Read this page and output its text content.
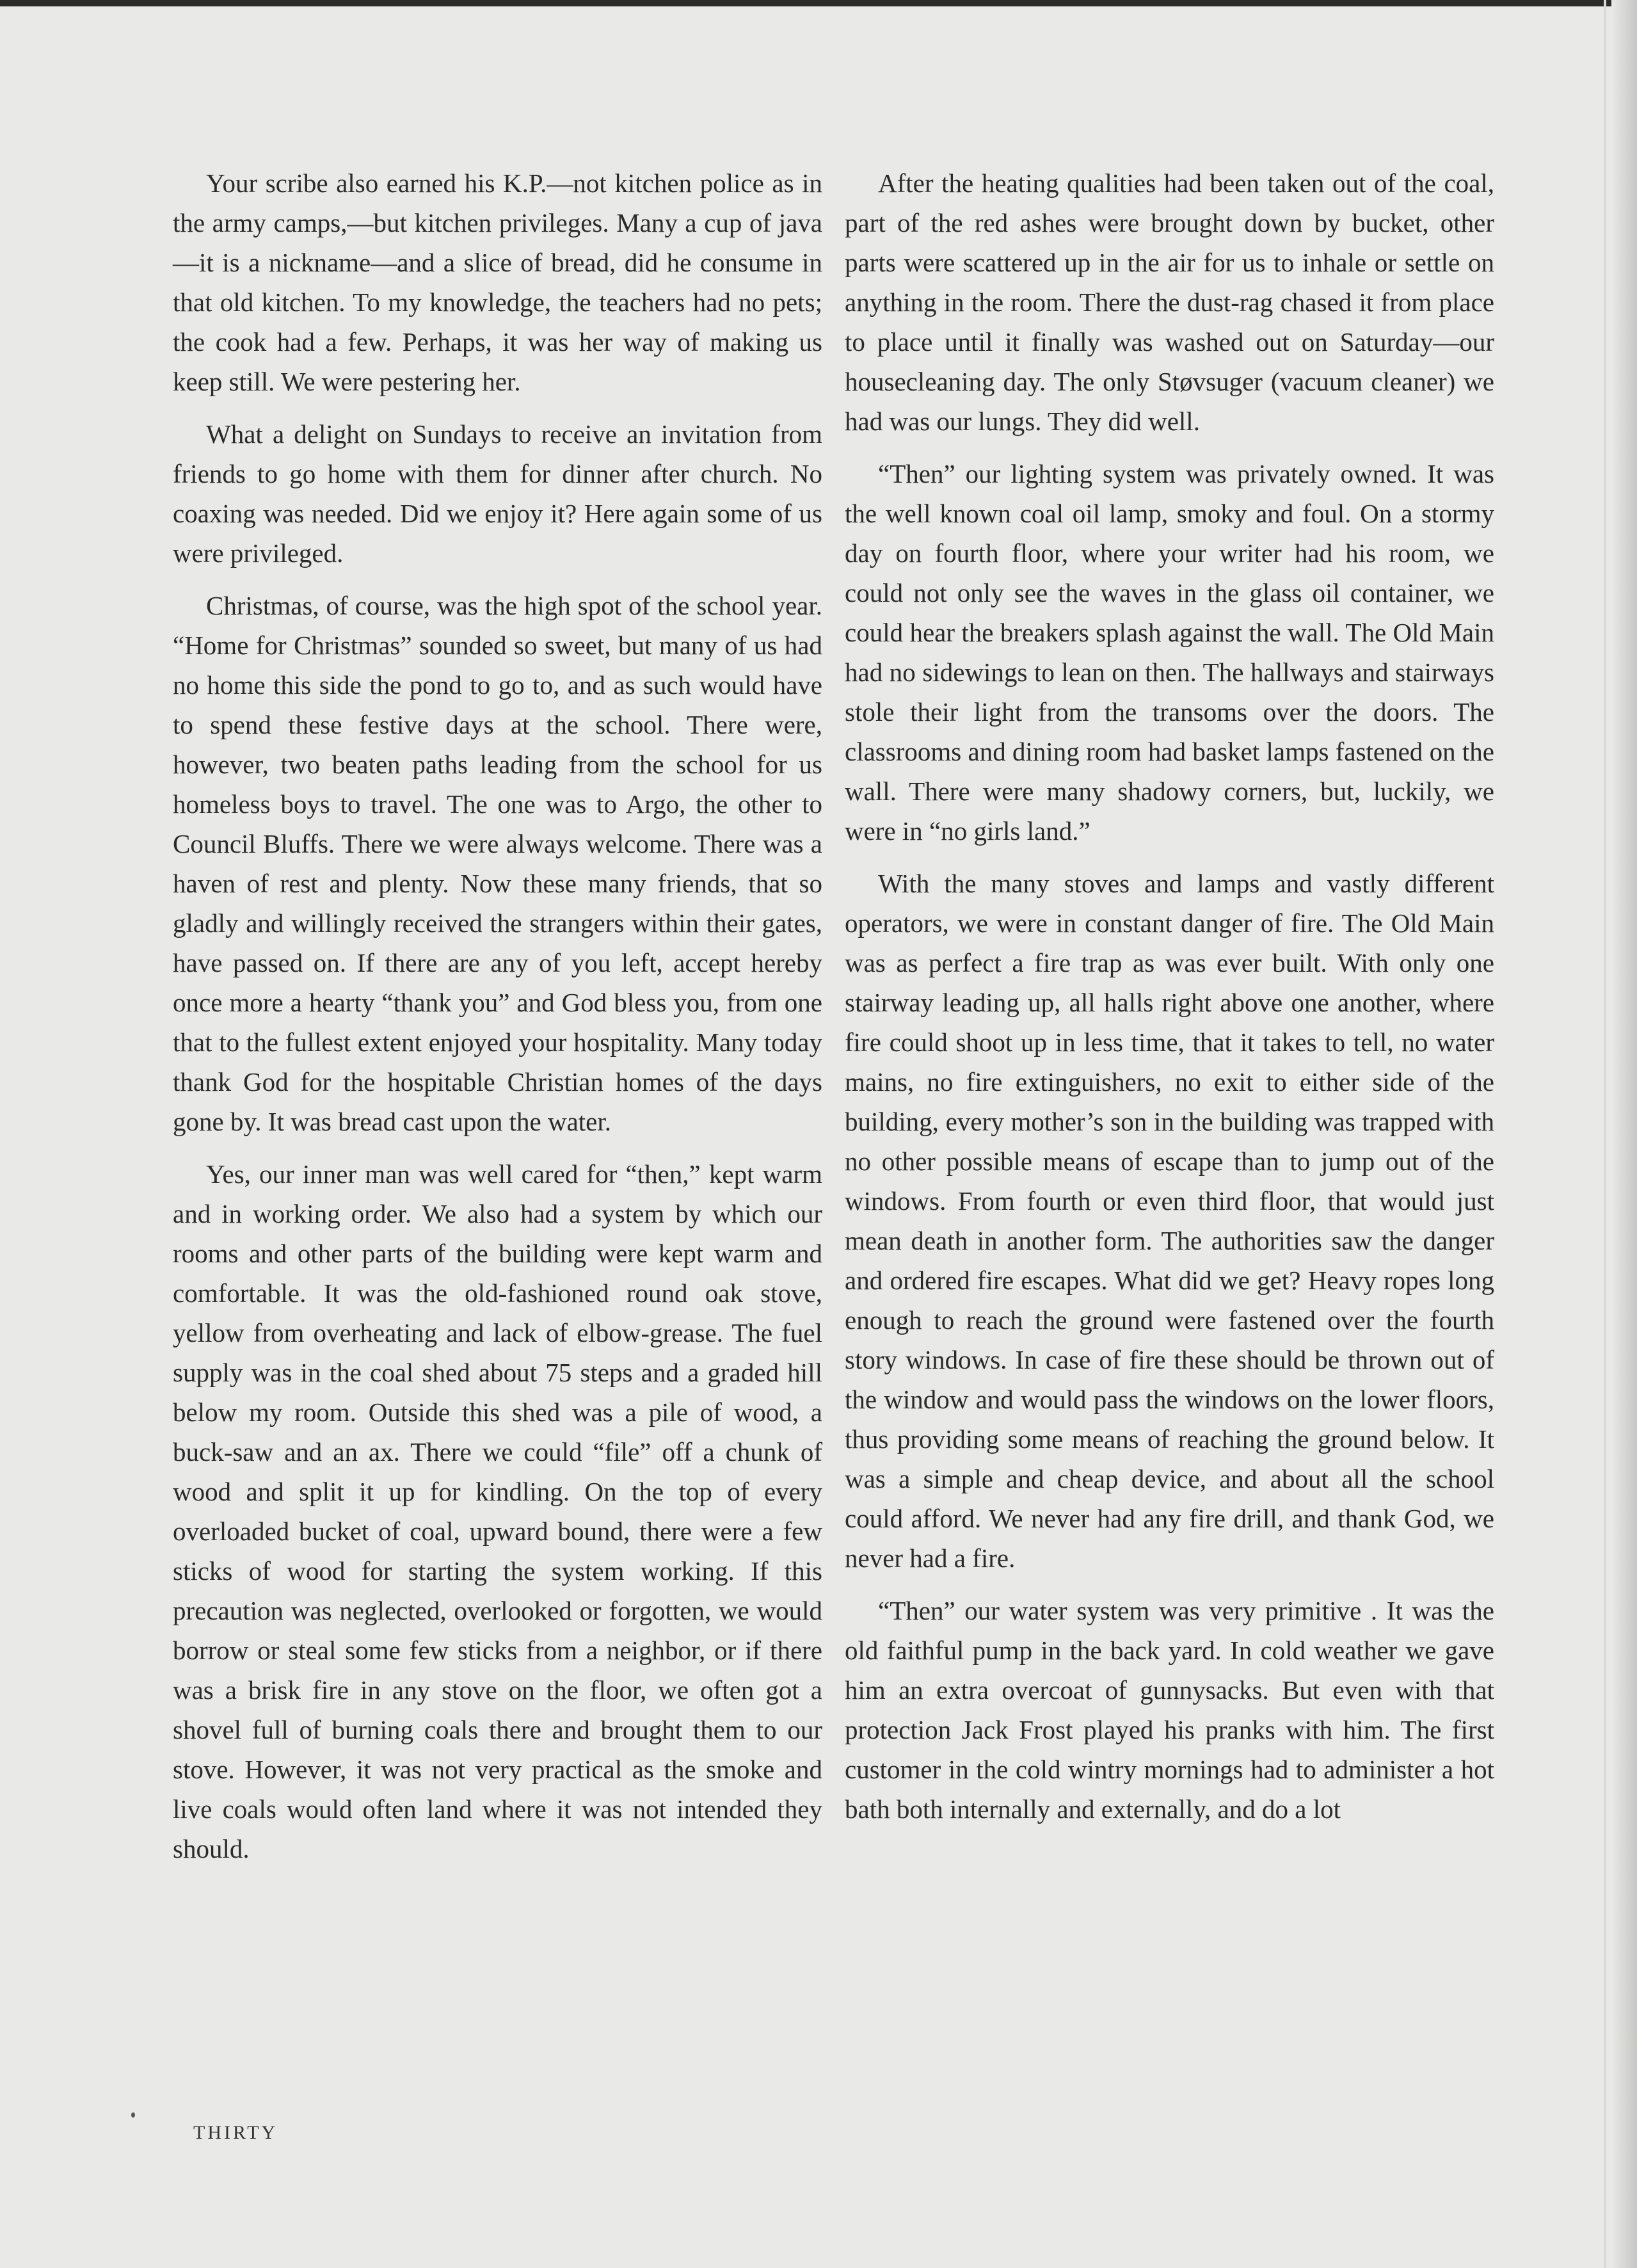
Your scribe also earned his K.P.—not kitchen police as in the army camps,—but kitchen privileges. Many a cup of java—it is a nickname—and a slice of bread, did he consume in that old kitchen. To my knowledge, the teachers had no pets; the cook had a few. Perhaps, it was her way of making us keep still. We were pestering her.

What a delight on Sundays to receive an invitation from friends to go home with them for dinner after church. No coaxing was needed. Did we enjoy it? Here again some of us were privileged.

Christmas, of course, was the high spot of the school year. “Home for Christmas” sounded so sweet, but many of us had no home this side the pond to go to, and as such would have to spend these festive days at the school. There were, however, two beaten paths leading from the school for us homeless boys to travel. The one was to Argo, the other to Council Bluffs. There we were always welcome. There was a haven of rest and plenty. Now these many friends, that so gladly and willingly received the strangers within their gates, have passed on. If there are any of you left, accept hereby once more a hearty “thank you” and God bless you, from one that to the fullest extent enjoyed your hospitality. Many today thank God for the hospitable Christian homes of the days gone by. It was bread cast upon the water.

Yes, our inner man was well cared for “then,” kept warm and in working order. We also had a system by which our rooms and other parts of the building were kept warm and comfortable. It was the old-fashioned round oak stove, yellow from overheating and lack of elbow-grease. The fuel supply was in the coal shed about 75 steps and a graded hill below my room. Outside this shed was a pile of wood, a buck-saw and an ax. There we could “file” off a chunk of wood and split it up for kindling. On the top of every overloaded bucket of coal, upward bound, there were a few sticks of wood for starting the system working. If this precaution was neglected, overlooked or forgotten, we would borrow or steal some few sticks from a neighbor, or if there was a brisk fire in any stove on the floor, we often got a shovel full of burning coals there and brought them to our stove. However, it was not very practical as the smoke and live coals would often land where it was not intended they should.

After the heating qualities had been taken out of the coal, part of the red ashes were brought down by bucket, other parts were scattered up in the air for us to inhale or settle on anything in the room. There the dust-rag chased it from place to place until it finally was washed out on Saturday—our housecleaning day. The only Støvsuger (vacuum cleaner) we had was our lungs. They did well.

“Then” our lighting system was privately owned. It was the well known coal oil lamp, smoky and foul. On a stormy day on fourth floor, where your writer had his room, we could not only see the waves in the glass oil container, we could hear the breakers splash against the wall. The Old Main had no sidewings to lean on then. The hallways and stairways stole their light from the transoms over the doors. The classrooms and dining room had basket lamps fastened on the wall. There were many shadowy corners, but, luckily, we were in “no girls land.”

With the many stoves and lamps and vastly different operators, we were in constant danger of fire. The Old Main was as perfect a fire trap as was ever built. With only one stairway leading up, all halls right above one another, where fire could shoot up in less time, that it takes to tell, no water mains, no fire extinguishers, no exit to either side of the building, every mother’s son in the building was trapped with no other possible means of escape than to jump out of the windows. From fourth or even third floor, that would just mean death in another form. The authorities saw the danger and ordered fire escapes. What did we get? Heavy ropes long enough to reach the ground were fastened over the fourth story windows. In case of fire these should be thrown out of the window and would pass the windows on the lower floors, thus providing some means of reaching the ground below. It was a simple and cheap device, and about all the school could afford. We never had any fire drill, and thank God, we never had a fire.

“Then” our water system was very primitive . It was the old faithful pump in the back yard. In cold weather we gave him an extra overcoat of gunnysacks. But even with that protection Jack Frost played his pranks with him. The first customer in the cold wintry mornings had to administer a hot bath both internally and externally, and do a lot

THIRTY
